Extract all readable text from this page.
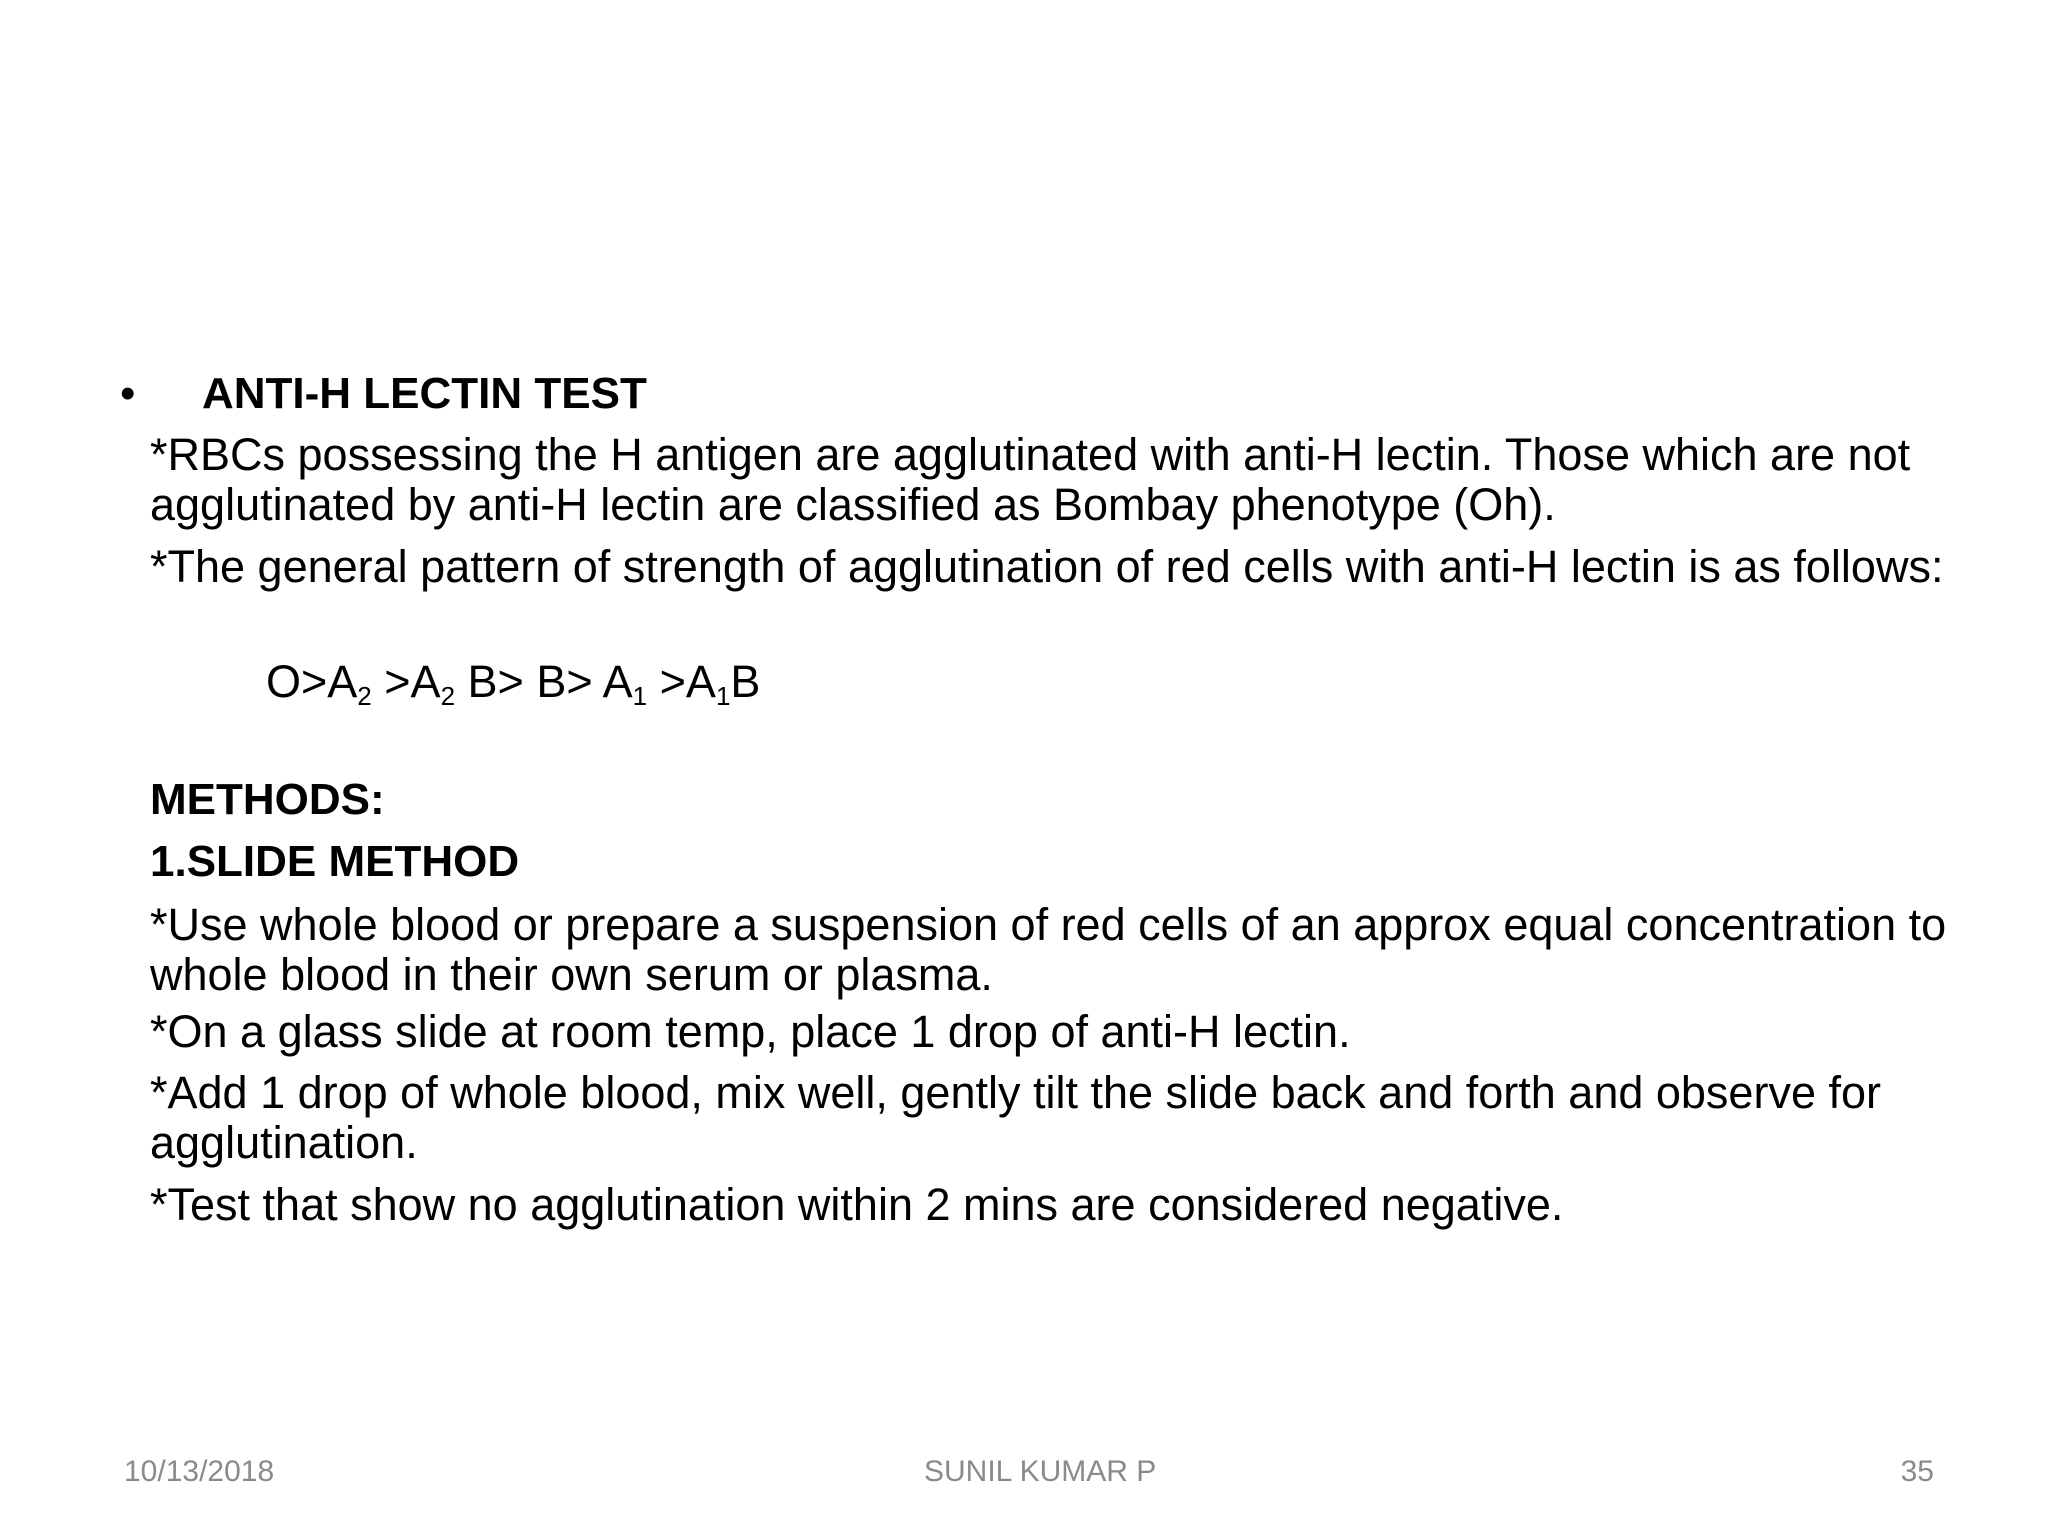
• ANTI-H LECTIN TEST
*RBCs possessing the H antigen are agglutinated with anti-H lectin. Those which are not agglutinated by anti-H lectin are classified as Bombay phenotype (Oh).
*The general pattern of strength of agglutination of red cells with anti-H lectin is as follows:
$O>A_2 >A_2$ $B> B> A_1 >A_1B$
METHODS:
1.SLIDE METHOD
*Use whole blood or prepare a suspension of red cells of an approx equal concentration to whole blood in their own serum or plasma.
*On a glass slide at room temp, place 1 drop of anti-H lectin.
*Add 1 drop of whole blood, mix well, gently tilt the slide back and forth and observe for agglutination.
*Test that show no agglutination within 2 mins are considered negative.
10/13/2018	SUNIL KUMAR P	35
